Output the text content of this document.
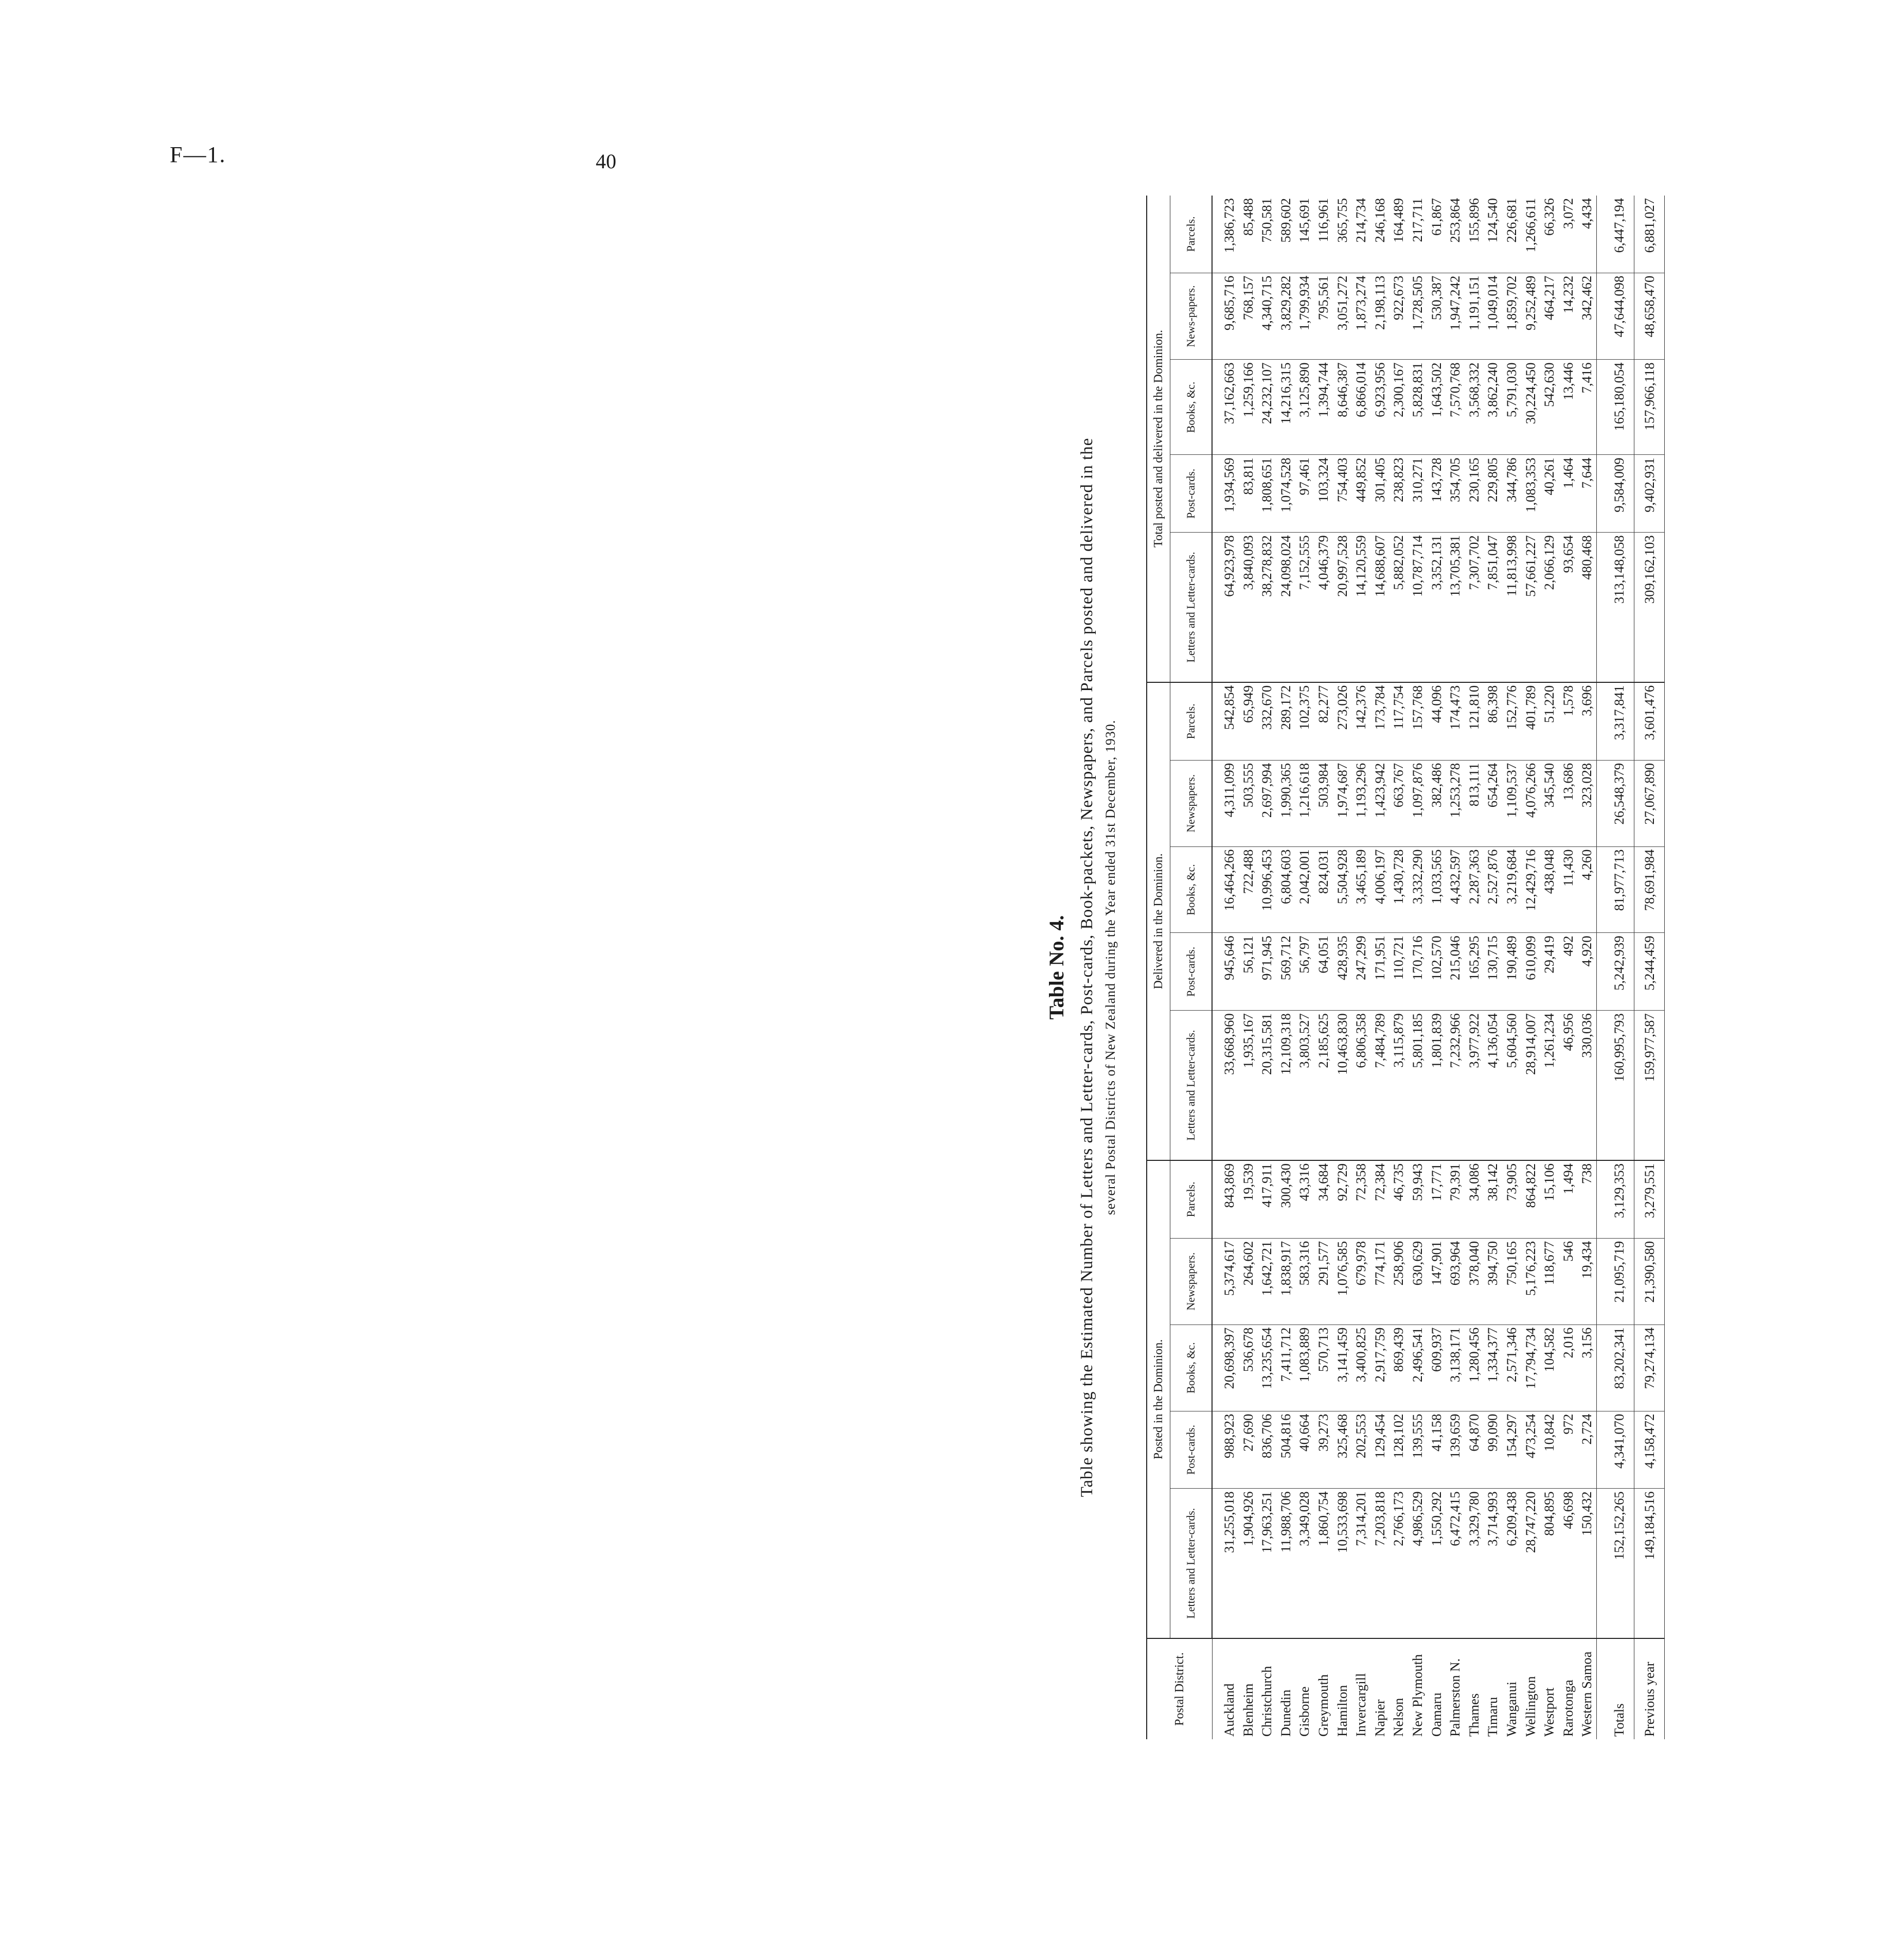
F—1.	40
Table No. 4. Table showing the Estimated Number of Letters and Letter-cards, Post-cards, Book-packets, Newspapers, and Parcels posted and delivered in the several Postal Districts of New Zealand during the Year ended 31st December, 1930.
Postal District.	Posted in the Dominion.					Delivered in the Dominion.					Total posted and delivered in the Dominion.				
	Letters and Letter-cards.	Post-cards.	Books, &c.	Newspapers.	Parcels.	Letters and Letter-cards.	Post-cards.	Books, &c.	Newspapers.	Parcels.	Letters and Letter-cards.	Post-cards.	Books, &c.	News-papers.	Parcels.
Auckland	31,255,018	988,923	20,698,397	5,374,617	843,869	33,668,960	945,646	16,464,266	4,311,099	542,854	64,923,978	1,934,569	37,162,663	9,685,716	1,386,723
Blenheim	1,904,926	27,690	536,678	264,602	19,539	1,935,167	56,121	722,488	503,555	65,949	3,840,093	83,811	1,259,166	768,157	85,488
Christchurch	17,963,251	836,706	13,235,654	1,642,721	417,911	20,315,581	971,945	10,996,453	2,697,994	332,670	38,278,832	1,808,651	24,232,107	4,340,715	750,581
Dunedin	11,988,706	504,816	7,411,712	1,838,917	300,430	12,109,318	569,712	6,804,603	1,990,365	289,172	24,098,024	1,074,528	14,216,315	3,829,282	589,602
Gisborne	3,349,028	40,664	1,083,889	583,316	43,316	3,803,527	56,797	2,042,001	1,216,618	102,375	7,152,555	97,461	3,125,890	1,799,934	145,691
Greymouth	1,860,754	39,273	570,713	291,577	34,684	2,185,625	64,051	824,031	503,984	82,277	4,046,379	103,324	1,394,744	795,561	116,961
Hamilton	10,533,698	325,468	3,141,459	1,076,585	92,729	10,463,830	428,935	5,504,928	1,974,687	273,026	20,997,528	754,403	8,646,387	3,051,272	365,755
Invercargill	7,314,201	202,553	3,400,825	679,978	72,358	6,806,358	247,299	3,465,189	1,193,296	142,376	14,120,559	449,852	6,866,014	1,873,274	214,734
Napier	7,203,818	129,454	2,917,759	774,171	72,384	7,484,789	171,951	4,006,197	1,423,942	173,784	14,688,607	301,405	6,923,956	2,198,113	246,168
Nelson	2,766,173	128,102	869,439	258,906	46,735	3,115,879	110,721	1,430,728	663,767	117,754	5,882,052	238,823	2,300,167	922,673	164,489
New Plymouth	4,986,529	139,555	2,496,541	630,629	59,943	5,801,185	170,716	3,332,290	1,097,876	157,768	10,787,714	310,271	5,828,831	1,728,505	217,711
Oamaru	1,550,292	41,158	609,937	147,901	17,771	1,801,839	102,570	1,033,565	382,486	44,096	3,352,131	143,728	1,643,502	530,387	61,867
Palmerston N.	6,472,415	139,659	3,138,171	693,964	79,391	7,232,966	215,046	4,432,597	1,253,278	174,473	13,705,381	354,705	7,570,768	1,947,242	253,864
Thames	3,329,780	64,870	1,280,456	378,040	34,086	3,977,922	165,295	2,287,363	813,111	121,810	7,307,702	230,165	3,568,332	1,191,151	155,896
Timaru	3,714,993	99,090	1,334,377	394,750	38,142	4,136,054	130,715	2,527,876	654,264	86,398	7,851,047	229,805	3,862,240	1,049,014	124,540
Wanganui	6,209,438	154,297	2,571,346	750,165	73,905	5,604,560	190,489	3,219,684	1,109,537	152,776	11,813,998	344,786	5,791,030	1,859,702	226,681
Wellington	28,747,220	473,254	17,794,734	5,176,223	864,822	28,914,007	610,099	12,429,716	4,076,266	401,789	57,661,227	1,083,353	30,224,450	9,252,489	1,266,611
Westport	804,895	10,842	104,582	118,677	15,106	1,261,234	29,419	438,048	345,540	51,220	2,066,129	40,261	542,630	464,217	66,326
Rarotonga	46,698	972	2,016	546	1,494	46,956	492	11,430	13,686	1,578	93,654	1,464	13,446	14,232	3,072
Western Samoa	150,432	2,724	3,156	19,434	738	330,036	4,920	4,260	323,028	3,696	480,468	7,644	7,416	342,462	4,434
Totals	152,152,265	4,341,070	83,202,341	21,095,719	3,129,353	160,995,793	5,242,939	81,977,713	26,548,379	3,317,841	313,148,058	9,584,009	165,180,054	47,644,098	6,447,194
Previous year	149,184,516	4,158,472	79,274,134	21,390,580	3,279,551	159,977,587	5,244,459	78,691,984	27,067,890	3,601,476	309,162,103	9,402,931	157,966,118	48,658,470	6,881,027
